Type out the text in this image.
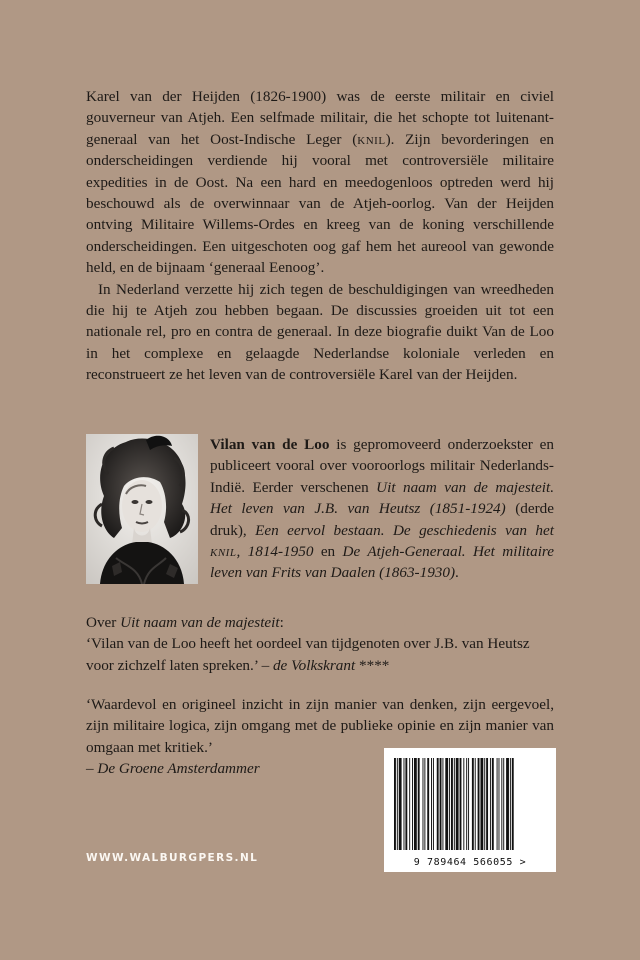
Karel van der Heijden (1826-1900) was de eerste militair en civiel gouverneur van Atjeh. Een selfmade militair, die het schopte tot luitenant-generaal van het Oost-Indische Leger (knil). Zijn bevorderingen en onderscheidingen verdiende hij vooral met controversiële militaire expedities in de Oost. Na een hard en meedogenloos optreden werd hij beschouwd als de overwinnaar van de Atjeh-oorlog. Van der Heijden ontving Militaire Willems-Ordes en kreeg van de koning verschillende onderscheidingen. Een uitgeschoten oog gaf hem het aureool van gewonde held, en de bijnaam ‘generaal Eenoog’.

In Nederland verzette hij zich tegen de beschuldigingen van wreedheden die hij te Atjeh zou hebben begaan. De discussies groeiden uit tot een nationale rel, pro en contra de generaal. In deze biografie duikt Van de Loo in het complexe en gelaagde Nederlandse koloniale verleden en reconstrueert ze het leven van de controversiële Karel van der Heijden.

Vilan van de Loo is gepromoveerd onderzoekster en publiceert vooral over vooroorlogs militair Nederlands-Indië. Eerder verschenen Uit naam van de majesteit. Het leven van J.B. van Heutsz (1851-1924) (derde druk), Een eervol bestaan. De geschiedenis van het knil, 1814-1950 en De Atjeh-Generaal. Het militaire leven van Frits van Daalen (1863-1930).
Over Uit naam van de majesteit:
‘Vilan van de Loo heeft het oordeel van tijdgenoten over J.B. van Heutsz voor zichzelf laten spreken.’ – de Volkskrant ****
‘Waardevol en origineel inzicht in zijn manier van denken, zijn eergevoel, zijn militaire logica, zijn omgang met de publieke opinie en zijn manier van omgaan met kritiek.’
– De Groene Amsterdammer
9 789464 566055 >
WWW.WALBURGPERS.NL
